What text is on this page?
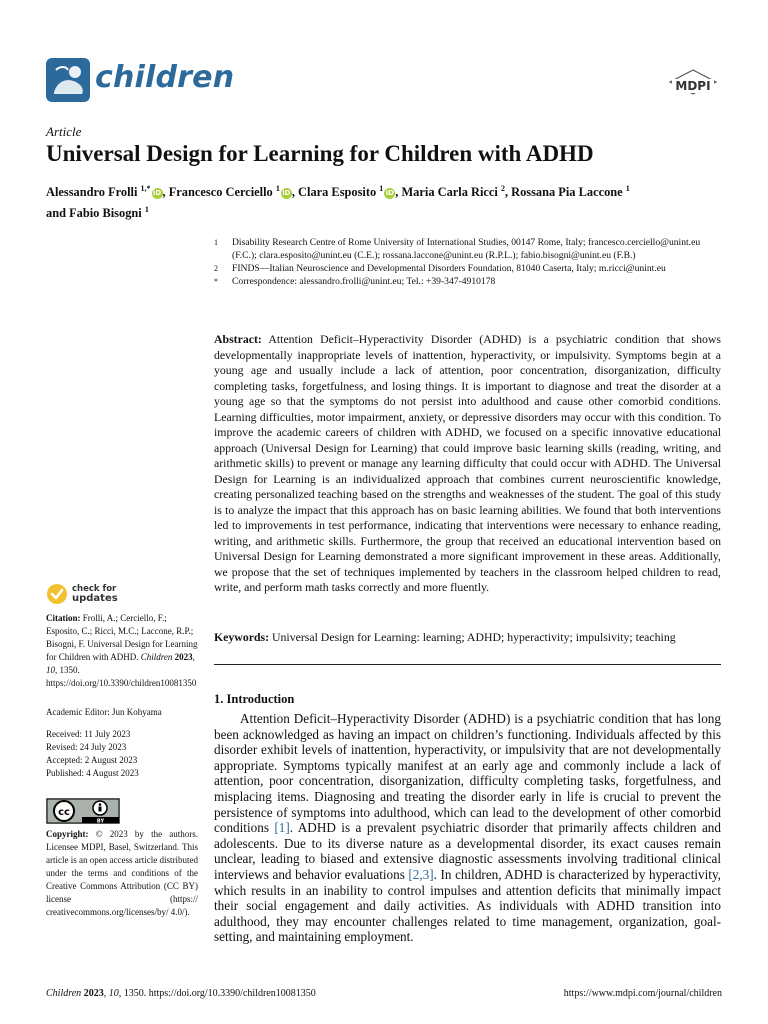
children	MDPI
Article
Universal Design for Learning for Children with ADHD
Alessandro Frolli $^{1,*}$iD, Francesco Cerciello $^1$iD, Clara Esposito $^1$iD, Maria Carla Ricci $^2$, Rossana Pia Laccone $^1$
and Fabio Bisogni $^1$
1	Disability Research Centre of Rome University of International Studies, 00147 Rome, Italy; francesco.cerciello@unint.eu (F.C.); clara.esposito@unint.eu (C.E.); rossana.laccone@unint.eu (R.P.L.); fabio.bisogni@unint.eu (F.B.)
2	FINDS—Italian Neuroscience and Developmental Disorders Foundation, 81040 Caserta, Italy; m.ricci@unint.eu
*	Correspondence: alessandro.frolli@unint.eu; Tel.: +39-347-4910178
Abstract: Attention Deficit–Hyperactivity Disorder (ADHD) is a psychiatric condition that shows developmentally inappropriate levels of inattention, hyperactivity, or impulsivity. Symptoms begin at a young age and usually include a lack of attention, poor concentration, disorganization, difficulty completing tasks, forgetfulness, and losing things. It is important to diagnose and treat the disorder at a young age so that the symptoms do not persist into adulthood and cause other comorbid conditions. Learning difficulties, motor impairment, anxiety, or depressive disorders may occur with this condition. To improve the academic careers of children with ADHD, we focused on a specific innovative educational approach (Universal Design for Learning) that could improve basic learning skills (reading, writing, and arithmetic skills) to prevent or manage any learning difficulty that could occur with ADHD. The Universal Design for Learning is an individualized approach that combines current neuroscientific knowledge, creating personalized teaching based on the strengths and weaknesses of the student. The goal of this study is to analyze the impact that this approach has on basic learning abilities. We found that both interventions led to improvements in test performance, indicating that interventions were necessary to enhance reading, writing, and arithmetic skills. Furthermore, the group that received an educational intervention based on Universal Design for Learning demonstrated a more significant improvement in these areas. Additionally, we propose that the set of techniques implemented by teachers in the classroom helped children to read, write, and perform math tasks correctly and more fluently.
Keywords: Universal Design for Learning: learning; ADHD; hyperactivity; impulsivity; teaching
check for
updates
Citation: Frolli, A.; Cerciello, F.; Esposito, C.; Ricci, M.C.; Laccone, R.P.; Bisogni, F. Universal Design for Learning for Children with ADHD. Children 2023, 10, 1350. https://doi.org/10.3390/children10081350
Academic Editor: Jun Kohyama
Received: 11 July 2023
Revised: 24 July 2023
Accepted: 2 August 2023
Published: 4 August 2023
cc
BY
Copyright: © 2023 by the authors. Licensee MDPI, Basel, Switzerland. This article is an open access article distributed under the terms and conditions of the Creative Commons Attribution (CC BY) license (https:// creativecommons.org/licenses/by/ 4.0/).
1. Introduction
Attention Deficit–Hyperactivity Disorder (ADHD) is a psychiatric condition that has long been acknowledged as having an impact on children’s functioning. Individuals affected by this disorder exhibit levels of inattention, hyperactivity, or impulsivity that are not developmentally appropriate. Symptoms typically manifest at an early age and commonly include a lack of attention, poor concentration, disorganization, difficulty completing tasks, forgetfulness, and misplacing items. Diagnosing and treating the disorder early in life is crucial to prevent the persistence of symptoms into adulthood, which can lead to the development of other comorbid conditions [1]. ADHD is a prevalent psychiatric disorder that primarily affects children and adolescents. Due to its diverse nature as a developmental disorder, its exact causes remain unclear, leading to biased and extensive diagnostic assessments involving traditional clinical interviews and behavior evaluations [2,3]. In children, ADHD is characterized by hyperactivity, which results in an inability to control impulses and attention deficits that minimally impact their social engagement and daily activities. As individuals with ADHD transition into adulthood, they may encounter challenges related to time management, organization, goal-setting, and maintaining employment.
Children 2023, 10, 1350. https://doi.org/10.3390/children10081350	https://www.mdpi.com/journal/children
